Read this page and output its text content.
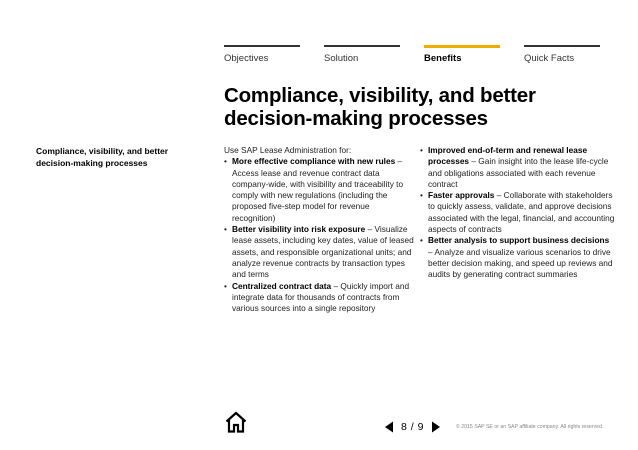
Objectives	Solution	Benefits	Quick Facts
Compliance, visibility, and better decision-making processes
Compliance, visibility, and better decision-making processes

Use SAP Lease Administration for:

• More effective compliance with new rules – Access lease and revenue contract data company-wide, with visibility and traceability to comply with new regulations (including the proposed five-step model for revenue recognition)
• Better visibility into risk exposure – Visualize lease assets, including key dates, value of leased assets, and responsible organizational units; and analyze revenue contracts by transaction types and terms
• Centralized contract data – Quickly import and integrate data for thousands of contracts from various sources into a single repository
• Improved end-of-term and renewal lease processes – Gain insight into the lease life-cycle and obligations associated with each revenue contract
• Faster approvals – Collaborate with stakeholders to quickly assess, validate, and approve decisions associated with the legal, financial, and accounting aspects of contracts
• Better analysis to support business decisions – Analyze and visualize various scenarios to drive better decision making, and speed up reviews and audits by generating contract summaries
8 / 9	© 2015 SAP SE or an SAP affiliate company. All rights reserved.
